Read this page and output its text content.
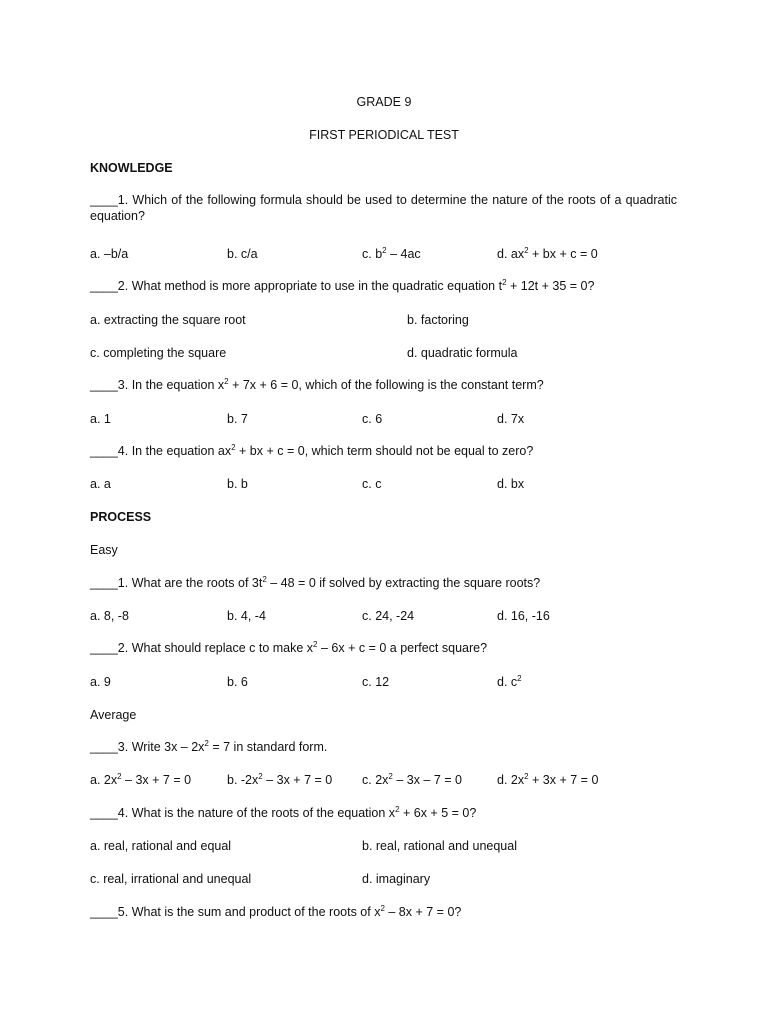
GRADE 9
FIRST PERIODICAL TEST
KNOWLEDGE
____1. Which of the following formula should be used to determine the nature of the roots of a quadratic equation?
a. –b/a	b. c/a	c. $b^2 - 4ac$	d. $ax^2$ + bx + c = 0
____2. What method is more appropriate to use in the quadratic equation $t^2 + 12t + 35 = 0$?
a. extracting the square root	b. factoring
c. completing the square	d. quadratic formula
____3. In the equation $x^2 + 7x + 6 = 0$, which of the following is the constant term?
a. 1	b. 7	c. 6	d. 7x
____4. In the equation $ax^2$ + bx + c = 0, which term should not be equal to zero?
a. a	b. b	c. c	d. bx
PROCESS
Easy
____1. What are the roots of $3t^2 - 48 = 0$ if solved by extracting the square roots?
a. 8, -8	b. 4, -4	c. 24, -24	d. 16, -16
____2. What should replace c to make $x^2 - 6x + c = 0$ a perfect square?
a. 9	b. 6	c. 12	d. $c^2$
Average
____3. Write $3x - 2x^2 = 7$ in standard form.
a. $2x^2 - 3x + 7 = 0$	b. $-2x^2 - 3x + 7 = 0$ c. $2x^2 - 3x - 7 = 0$	d. $2x^2 + 3x + 7 = 0$
____4. What is the nature of the roots of the equation $x^2 + 6x + 5 = 0$?
a. real, rational and equal	b. real, rational and unequal
c. real, irrational and unequal	d. imaginary
____5. What is the sum and product of the roots of $x^2 - 8x + 7 = 0$?
